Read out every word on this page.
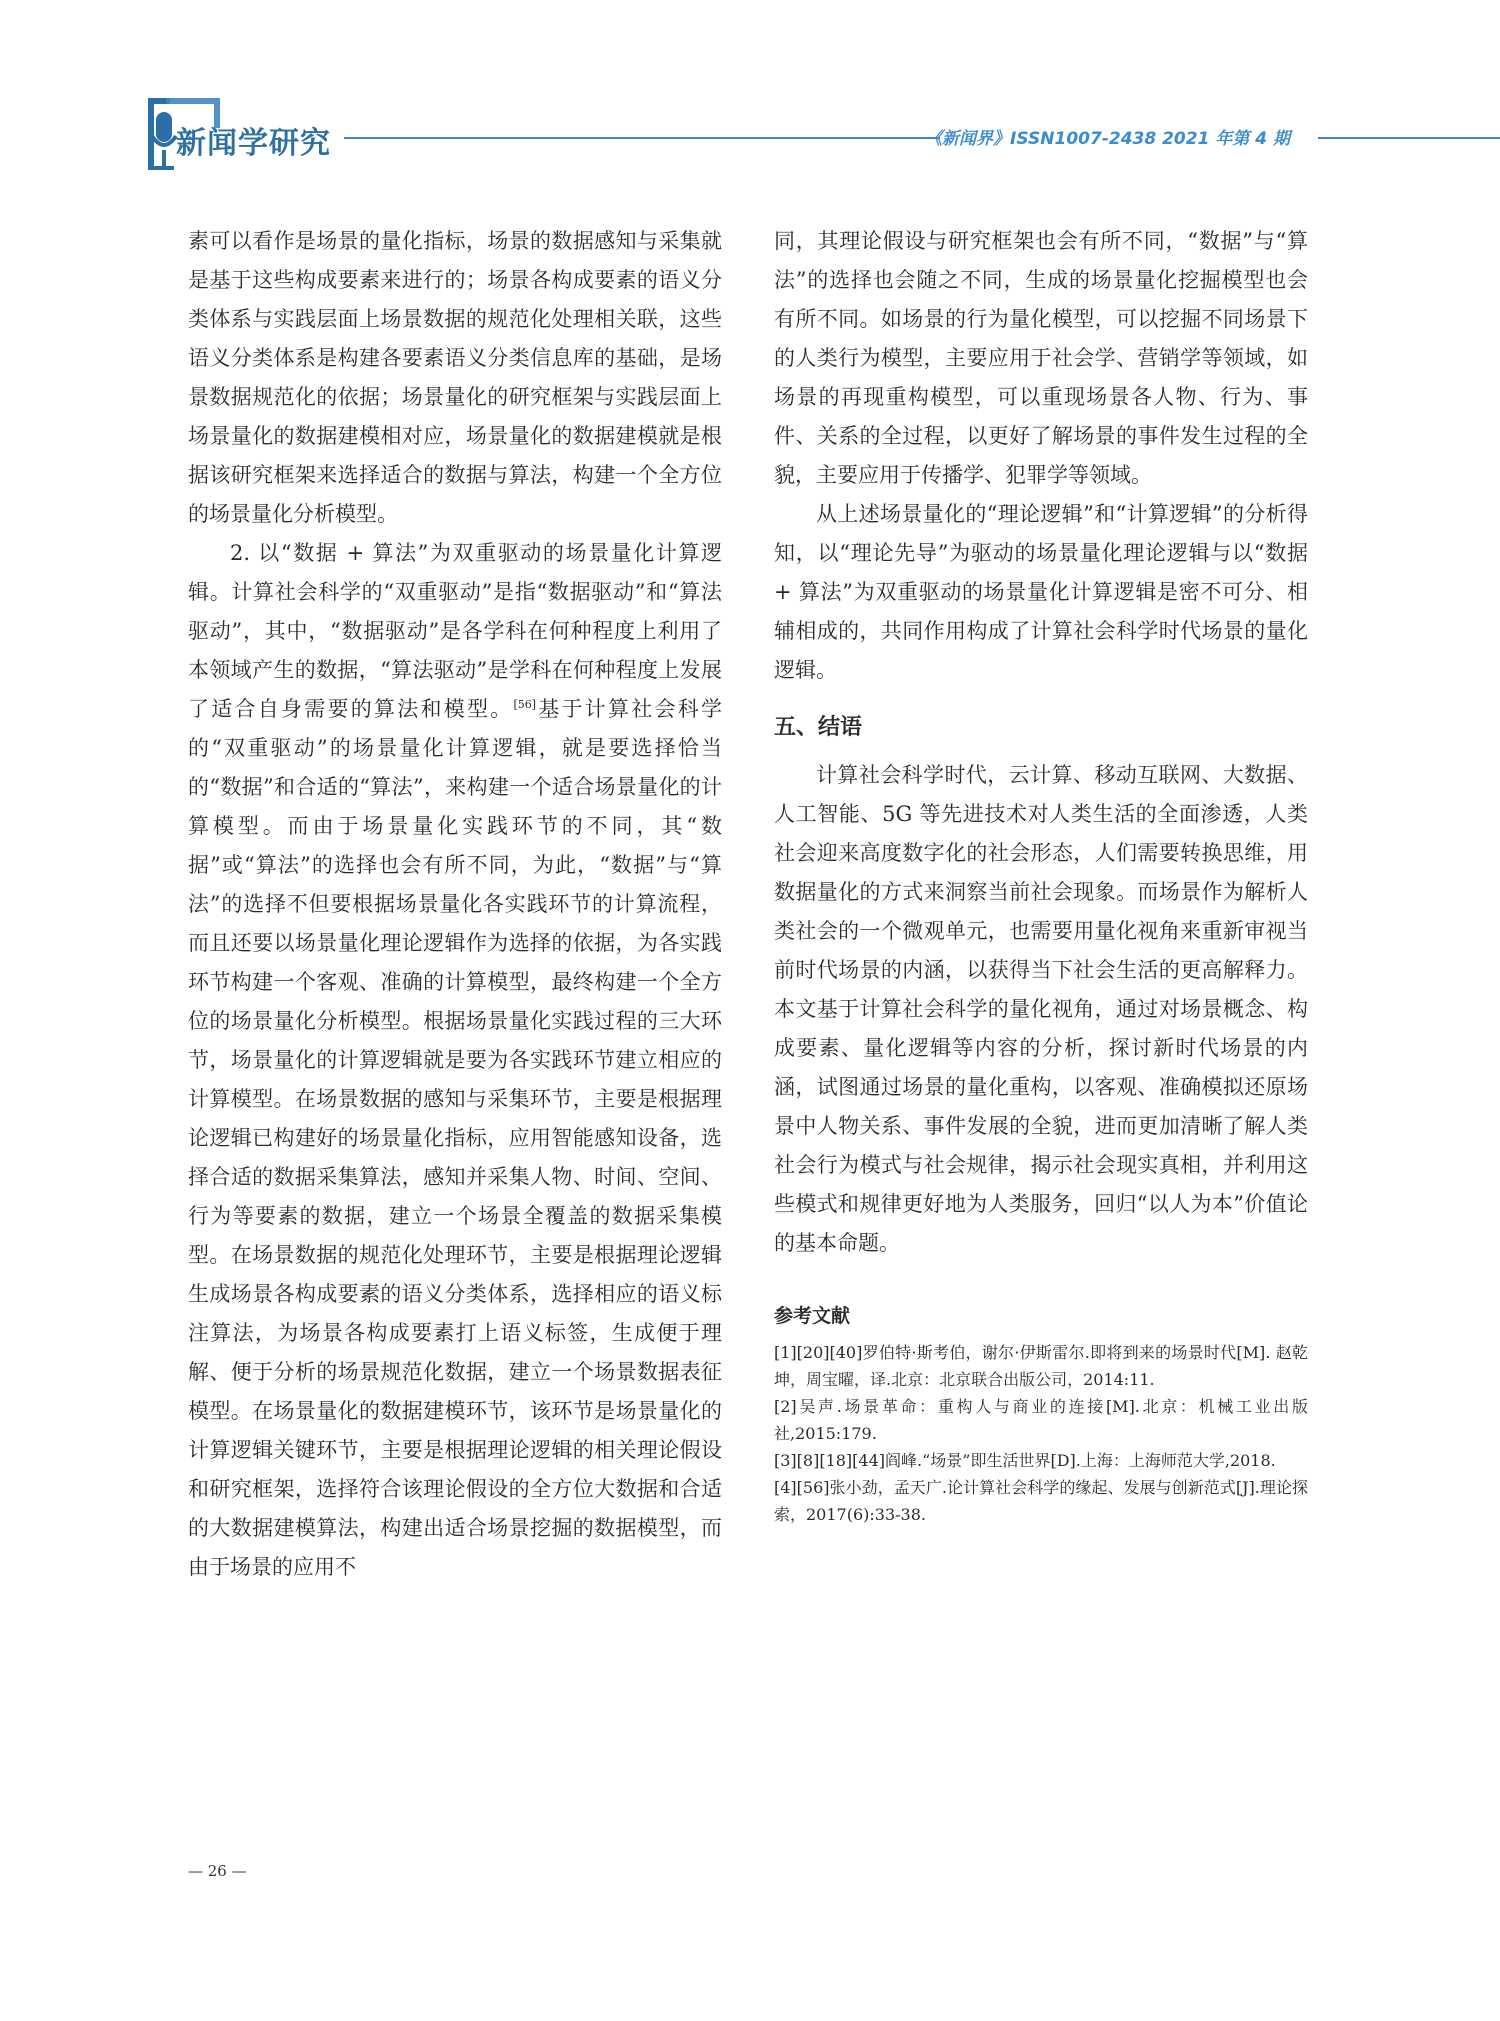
新闻学研究	《新闻界》ISSN1007-2438 2021 年第 4 期

素可以看作是场景的量化指标，场景的数据感知与采集就是基于这些构成要素来进行的；场景各构成要素的语义分类体系与实践层面上场景数据的规范化处理相关联，这些语义分类体系是构建各要素语义分类信息库的基础，是场景数据规范化的依据；场景量化的研究框架与实践层面上场景量化的数据建模相对应，场景量化的数据建模就是根据该研究框架来选择适合的数据与算法，构建一个全方位的场景量化分析模型。

2. 以“数据 + 算法”为双重驱动的场景量化计算逻辑。计算社会科学的“双重驱动”是指“数据驱动”和“算法驱动”，其中，“数据驱动”是各学科在何种程度上利用了本领域产生的数据，“算法驱动”是学科在何种程度上发展了适合自身需要的算法和模型。[56]基于计算社会科学的“双重驱动”的场景量化计算逻辑，就是要选择恰当的“数据”和合适的“算法”，来构建一个适合场景量化的计算模型。而由于场景量化实践环节的不同，其“数据”或“算法”的选择也会有所不同，为此，“数据”与“算法”的选择不但要根据场景量化各实践环节的计算流程，而且还要以场景量化理论逻辑作为选择的依据，为各实践环节构建一个客观、准确的计算模型，最终构建一个全方位的场景量化分析模型。根据场景量化实践过程的三大环节，场景量化的计算逻辑就是要为各实践环节建立相应的计算模型。在场景数据的感知与采集环节，主要是根据理论逻辑已构建好的场景量化指标，应用智能感知设备，选择合适的数据采集算法，感知并采集人物、时间、空间、行为等要素的数据，建立一个场景全覆盖的数据采集模型。在场景数据的规范化处理环节，主要是根据理论逻辑生成场景各构成要素的语义分类体系，选择相应的语义标注算法，为场景各构成要素打上语义标签，生成便于理解、便于分析的场景规范化数据，建立一个场景数据表征模型。在场景量化的数据建模环节，该环节是场景量化的计算逻辑关键环节，主要是根据理论逻辑的相关理论假设和研究框架，选择符合该理论假设的全方位大数据和合适的大数据建模算法，构建出适合场景挖掘的数据模型，而由于场景的应用不

同，其理论假设与研究框架也会有所不同，“数据”与“算法”的选择也会随之不同，生成的场景量化挖掘模型也会有所不同。如场景的行为量化模型，可以挖掘不同场景下的人类行为模型，主要应用于社会学、营销学等领域，如场景的再现重构模型，可以重现场景各人物、行为、事件、关系的全过程，以更好了解场景的事件发生过程的全貌，主要应用于传播学、犯罪学等领域。

从上述场景量化的“理论逻辑”和“计算逻辑”的分析得知，以“理论先导”为驱动的场景量化理论逻辑与以“数据 + 算法”为双重驱动的场景量化计算逻辑是密不可分、相辅相成的，共同作用构成了计算社会科学时代场景的量化逻辑。

五、结语

计算社会科学时代，云计算、移动互联网、大数据、人工智能、5G 等先进技术对人类生活的全面渗透，人类社会迎来高度数字化的社会形态，人们需要转换思维，用数据量化的方式来洞察当前社会现象。而场景作为解析人类社会的一个微观单元，也需要用量化视角来重新审视当前时代场景的内涵，以获得当下社会生活的更高解释力。本文基于计算社会科学的量化视角，通过对场景概念、构成要素、量化逻辑等内容的分析，探讨新时代场景的内涵，试图通过场景的量化重构，以客观、准确模拟还原场景中人物关系、事件发展的全貌，进而更加清晰了解人类社会行为模式与社会规律，揭示社会现实真相，并利用这些模式和规律更好地为人类服务，回归“以人为本”价值论的基本命题。

参考文献

[1][20][40]罗伯特·斯考伯，谢尔·伊斯雷尔.即将到来的场景时代[M]. 赵乾坤，周宝曜，译.北京：北京联合出版公司，2014:11.

[2]吴声.场景革命：重构人与商业的连接[M].北京：机械工业出版社,2015:179.

[3][8][18][44]阎峰.“场景”即生活世界[D].上海：上海师范大学,2018.

[4][56]张小劲，孟天广.论计算社会科学的缘起、发展与创新范式[J].理论探索，2017(6):33-38.

— 26 —
